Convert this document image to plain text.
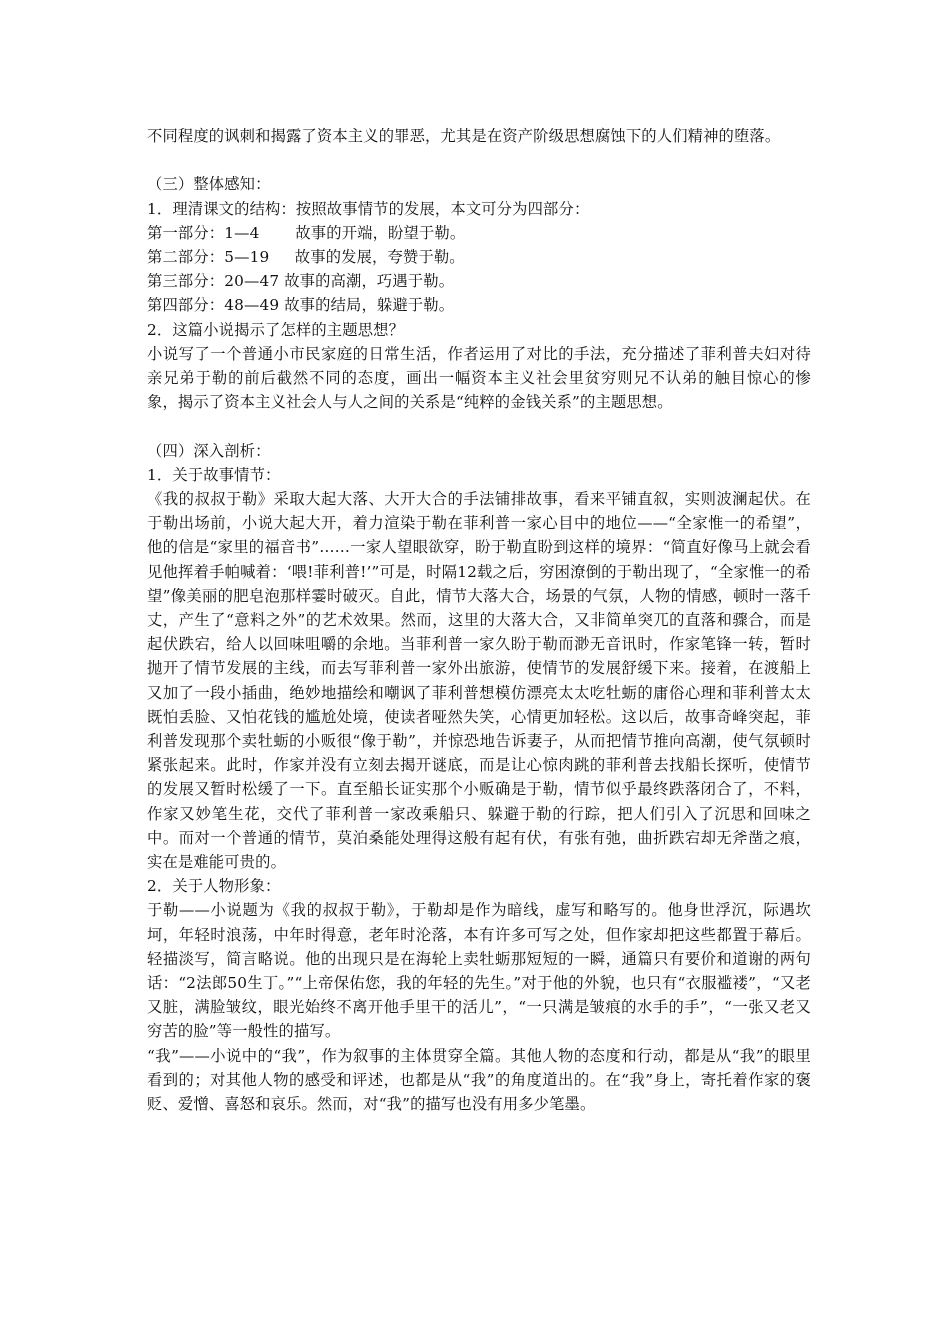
不同程度的讽刺和揭露了资本主义的罪恶，尤其是在资产阶级思想腐蚀下的人们精神的堕落。

（三）整体感知：

1．理清课文的结构：按照故事情节的发展，本文可分为四部分：

第一部分：1—4　　 故事的开端，盼望于勒。

第二部分：5—19 　 故事的发展，夸赞于勒。

第三部分：20—47 故事的高潮，巧遇于勒。

第四部分：48—49 故事的结局，躲避于勒。

2．这篇小说揭示了怎样的主题思想？

小说写了一个普通小市民家庭的日常生活，作者运用了对比的手法，充分描述了菲利普夫妇对待亲兄弟于勒的前后截然不同的态度，画出一幅资本主义社会里贫穷则兄不认弟的触目惊心的惨象，揭示了资本主义社会人与人之间的关系是“纯粹的金钱关系”的主题思想。

（四）深入剖析：

1．关于故事情节：

《我的叔叔于勒》采取大起大落、大开大合的手法铺排故事，看来平铺直叙，实则波澜起伏。在于勒出场前，小说大起大开，着力渲染于勒在菲利普一家心目中的地位——“全家惟一的希望”，他的信是“家里的福音书”……一家人望眼欲穿，盼于勒直盼到这样的境界：“简直好像马上就会看见他挥着手帕喊着：‘喂!菲利普!’”可是，时隔12载之后，穷困潦倒的于勒出现了，“全家惟一的希望”像美丽的肥皂泡那样霎时破灭。自此，情节大落大合，场景的气氛，人物的情感，顿时一落千丈，产生了“意料之外”的艺术效果。然而，这里的大落大合，又非简单突兀的直落和骤合，而是起伏跌宕，给人以回味咀嚼的余地。当菲利普一家久盼于勒而渺无音讯时，作家笔锋一转，暂时抛开了情节发展的主线，而去写菲利普一家外出旅游，使情节的发展舒缓下来。接着，在渡船上又加了一段小插曲，绝妙地描绘和嘲讽了菲利普想模仿漂亮太太吃牡蛎的庸俗心理和菲利普太太既怕丢脸、又怕花钱的尴尬处境，使读者哑然失笑，心情更加轻松。这以后，故事奇峰突起，菲利普发现那个卖牡蛎的小贩很“像于勒”，并惊恐地告诉妻子，从而把情节推向高潮，使气氛顿时紧张起来。此时，作家并没有立刻去揭开谜底，而是让心惊肉跳的菲利普去找船长探听，使情节的发展又暂时松缓了一下。直至船长证实那个小贩确是于勒，情节似乎最终跌落闭合了，不料，作家又妙笔生花，交代了菲利普一家改乘船只、躲避于勒的行踪，把人们引入了沉思和回味之中。而对一个普通的情节，莫泊桑能处理得这般有起有伏，有张有弛，曲折跌宕却无斧凿之痕，实在是难能可贵的。

2．关于人物形象：

于勒——小说题为《我的叔叔于勒》，于勒却是作为暗线，虚写和略写的。他身世浮沉，际遇坎坷，年轻时浪荡，中年时得意，老年时沦落，本有许多可写之处，但作家却把这些都置于幕后。轻描淡写，简言略说。他的出现只是在海轮上卖牡蛎那短短的一瞬，通篇只有要价和道谢的两句话：“2法郎50生丁。”“上帝保佑您，我的年轻的先生。”对于他的外貌，也只有“衣服褴褛”，“又老又脏，满脸皱纹，眼光始终不离开他手里干的活儿”，“一只满是皱痕的水手的手”，“一张又老又穷苦的脸”等一般性的描写。

“我”——小说中的“我”，作为叙事的主体贯穿全篇。其他人物的态度和行动，都是从“我”的眼里看到的；对其他人物的感受和评述，也都是从“我”的角度道出的。在“我”身上，寄托着作家的褒贬、爱憎、喜怒和哀乐。然而，对“我”的描写也没有用多少笔墨。
